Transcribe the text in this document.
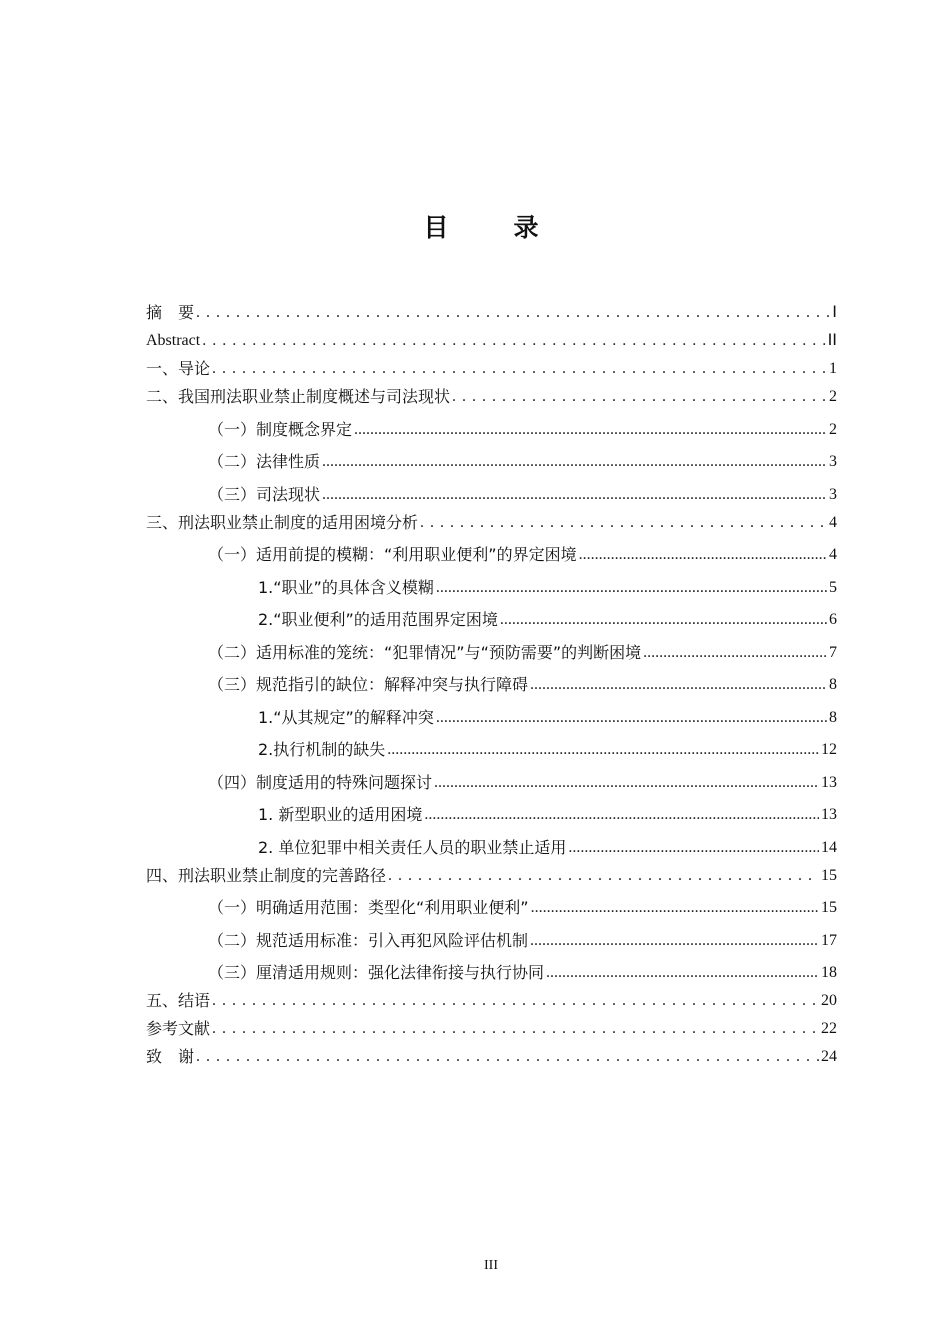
目　录
摘　要 . . .	Ⅰ
Abstract . . .	ⅠⅠ
一、导论 . . .	1
二、我国刑法职业禁止制度概述与司法现状 . . .	2
（一）制度概念界定 .....	2
（二）法律性质 .....	3
（三）司法现状 .....	3
三、刑法职业禁止制度的适用困境分析 . . .	4
（一）适用前提的模糊：“利用职业便利”的界定困境 .....	4
1.“职业”的具体含义模糊 .....	5
2.“职业便利”的适用范围界定困境 .....	6
（二）适用标准的笼统：“犯罪情况”与“预防需要”的判断困境 .....	7
（三）规范指引的缺位：解释冲突与执行障碍 .....	8
1.“从其规定”的解释冲突 .....	8
2.执行机制的缺失 .....	12
（四）制度适用的特殊问题探讨 .....	13
1. 新型职业的适用困境 .....	13
2. 单位犯罪中相关责任人员的职业禁止适用 .....	14
四、刑法职业禁止制度的完善路径 . . .	15
（一）明确适用范围：类型化“利用职业便利” .....	15
（二）规范适用标准：引入再犯风险评估机制 .....	17
（三）厘清适用规则：强化法律衔接与执行协同 .....	18
五、结语 . . .	20
参考文献 . . .	22
致　谢 . . .	24
III
